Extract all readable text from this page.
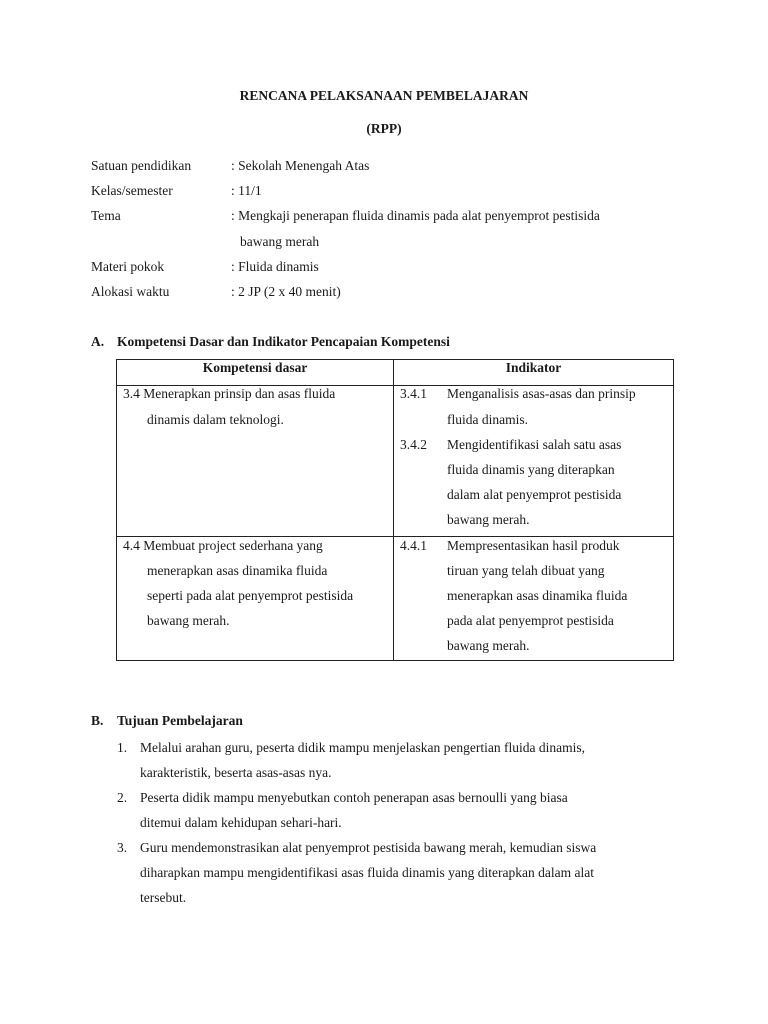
RENCANA PELAKSANAAN PEMBELAJARAN
(RPP)
Satuan pendidikan	: Sekolah Menengah Atas
Kelas/semester	: 11/1
Tema	: Mengkaji penerapan fluida dinamis pada alat penyemprot pestisida
bawang merah
Materi pokok	: Fluida dinamis
Alokasi waktu	: 2 JP (2 x 40 menit)
A. Kompetensi Dasar dan Indikator Pencapaian Kompetensi
Kompetensi dasar	Indikator
3.4 Menerapkan prinsip dan asas fluida
dinamis dalam teknologi.
3.4.1 Menganalisis asas-asas dan prinsip
fluida dinamis.
3.4.2 Mengidentifikasi salah satu asas
fluida dinamis yang diterapkan
dalam alat penyemprot pestisida
bawang merah.
4.4 Membuat project sederhana yang
menerapkan asas dinamika fluida
seperti pada alat penyemprot pestisida
bawang merah.
4.4.1 Mempresentasikan hasil produk
tiruan yang telah dibuat yang
menerapkan asas dinamika fluida
pada alat penyemprot pestisida
bawang merah.
B. Tujuan Pembelajaran
1. Melalui arahan guru, peserta didik mampu menjelaskan pengertian fluida dinamis,
karakteristik, beserta asas-asas nya.
2. Peserta didik mampu menyebutkan contoh penerapan asas bernoulli yang biasa
ditemui dalam kehidupan sehari-hari.
3. Guru mendemonstrasikan alat penyemprot pestisida bawang merah, kemudian siswa
diharapkan mampu mengidentifikasi asas fluida dinamis yang diterapkan dalam alat
tersebut.
